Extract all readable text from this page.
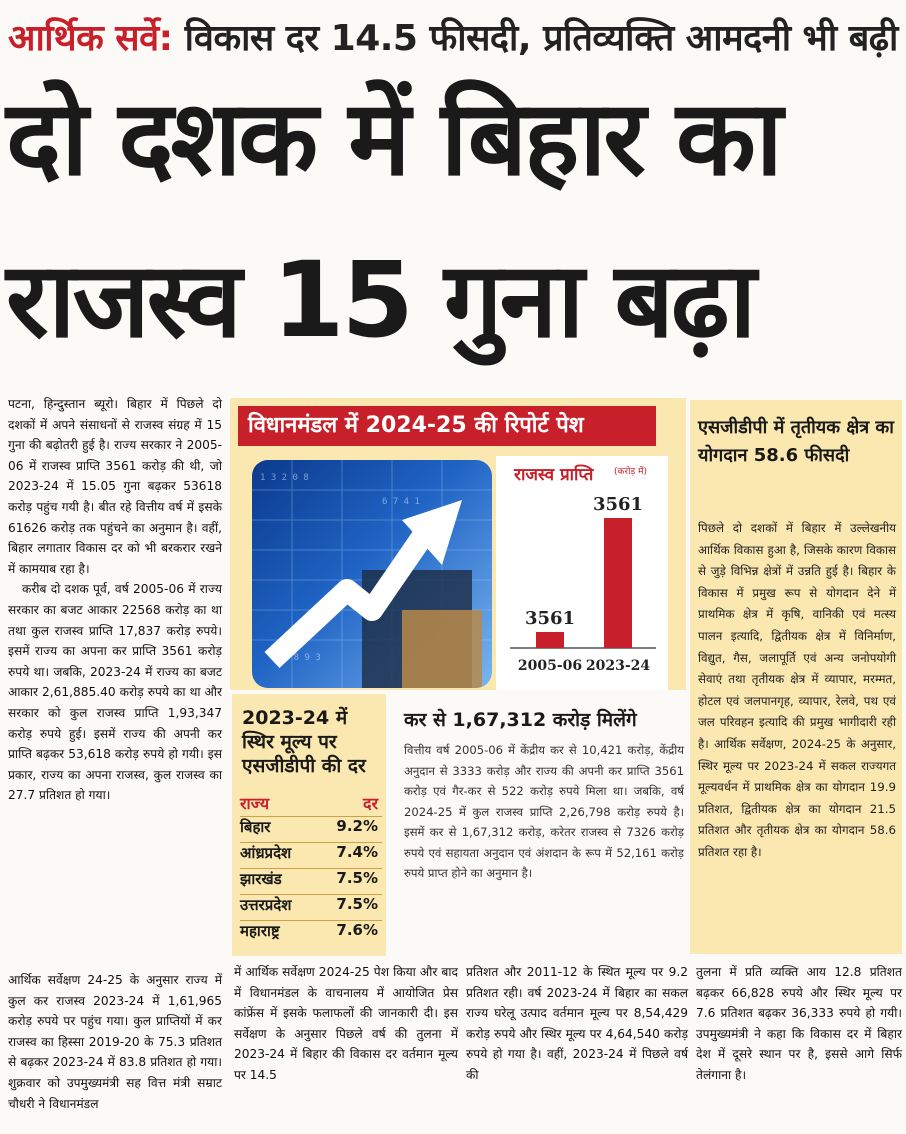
आर्थिक सर्वे: विकास दर 14.5 फीसदी, प्रतिव्यक्ति आमदनी भी बढ़ी
दो दशक में बिहार का
राजस्व 15 गुना बढ़ा

पटना, हिन्दुस्तान ब्यूरो। बिहार में पिछले दो दशकों में अपने संसाधनों से राजस्व संग्रह में 15 गुना की बढ़ोतरी हुई है। राज्य सरकार ने 2005-06 में राजस्व प्राप्ति 3561 करोड़ की थी, जो 2023-24 में 15.05 गुना बढ़कर 53618 करोड़ पहुंच गयी है। बीत रहे वित्तीय वर्ष में इसके 61626 करोड़ तक पहुंचने का अनुमान है। वहीं, बिहार लगातार विकास दर को भी बरकरार रखने में कामयाब रहा है।

करीब दो दशक पूर्व, वर्ष 2005-06 में राज्य सरकार का बजट आकार 22568 करोड़ का था तथा कुल राजस्व प्राप्ति 17,837 करोड़ रुपये। इसमें राज्य का अपना कर प्राप्ति 3561 करोड़ रुपये था। जबकि, 2023-24 में राज्य का बजट आकार 2,61,885.40 करोड़ रुपये का था और सरकार को कुल राजस्व प्राप्ति 1,93,347 करोड़ रुपये हुई। इसमें राज्य की अपनी कर प्राप्ति बढ़कर 53,618 करोड़ रुपये हो गयी। इस प्रकार, राज्य का अपना राजस्व, कुल राजस्व का 27.7 प्रतिशत हो गया।

आर्थिक सर्वेक्षण 24-25 के अनुसार राज्य में कुल कर राजस्व 2023-24 में 1,61,965 करोड़ रुपये पर पहुंच गया। कुल प्राप्तियों में कर राजस्व का हिस्सा 2019-20 के 75.3 प्रतिशत से बढ़कर 2023-24 में 83.8 प्रतिशत हो गया। शुक्रवार को उपमुख्यमंत्री सह वित्त मंत्री सम्राट चौधरी ने विधानमंडल

विधानमंडल में 2024-25 की रिपोर्ट पेश
1 3 2 0 8
6 7 4 1
2 5 8 9 3
राजस्व प्राप्ति (करोड़ में)
3561
2005-06
3561
2023-24
2023-24 में स्थिर मूल्य पर एसजीडीपी की दर
राज्य	दर
बिहार	9.2%
आंध्रप्रदेश	7.4%
झारखंड	7.5%
उत्तरप्रदेश	7.5%
महाराष्ट्र	7.6%
कर से 1,67,312 करोड़ मिलेंगे
वित्तीय वर्ष 2005-06 में केंद्रीय कर से 10,421 करोड़, केंद्रीय अनुदान से 3333 करोड़ और राज्य की अपनी कर प्राप्ति 3561 करोड़ एवं गैर-कर से 522 करोड़ रुपये मिला था। जबकि, वर्ष 2024-25 में कुल राजस्व प्राप्ति 2,26,798 करोड़ रुपये है। इसमें कर से 1,67,312 करोड़, करेतर राजस्व से 7326 करोड़ रुपये एवं सहायता अनुदान एवं अंशदान के रूप में 52,161 करोड़ रुपये प्राप्त होने का अनुमान है।
एसजीडीपी में तृतीयक क्षेत्र का योगदान 58.6 फीसदी
पिछले दो दशकों में बिहार में उल्लेखनीय आर्थिक विकास हुआ है, जिसके कारण विकास से जुड़े विभिन्न क्षेत्रों में उन्नति हुई है। बिहार के विकास में प्रमुख रूप से योगदान देने में प्राथमिक क्षेत्र में कृषि, वानिकी एवं मत्स्य पालन इत्यादि, द्वितीयक क्षेत्र में विनिर्माण, विद्युत, गैस, जलापूर्ति एवं अन्य जनोपयोगी सेवाएं तथा तृतीयक क्षेत्र में व्यापार, मरम्मत, होटल एवं जलपानगृह, व्यापार, रेलवे, पथ एवं जल परिवहन इत्यादि की प्रमुख भागीदारी रही है। आर्थिक सर्वेक्षण, 2024-25 के अनुसार, स्थिर मूल्य पर 2023-24 में सकल राज्यगत मूल्यवर्धन में प्राथमिक क्षेत्र का योगदान 19.9 प्रतिशत, द्वितीयक क्षेत्र का योगदान 21.5 प्रतिशत और तृतीयक क्षेत्र का योगदान 58.6 प्रतिशत रहा है।

में आर्थिक सर्वेक्षण 2024-25 पेश किया और बाद में विधानमंडल के वाचनालय में आयोजित प्रेस कांफ्रेंस में इसके फलाफलों की जानकारी दी। इस सर्वेक्षण के अनुसार पिछले वर्ष की तुलना में 2023-24 में बिहार की विकास दर वर्तमान मूल्य पर 14.5

प्रतिशत और 2011-12 के स्थित मूल्य पर 9.2 प्रतिशत रही। वर्ष 2023-24 में बिहार का सकल राज्य घरेलू उत्पाद वर्तमान मूल्य पर 8,54,429 करोड़ रुपये और स्थिर मूल्य पर 4,64,540 करोड़ रुपये हो गया है। वहीं, 2023-24 में पिछले वर्ष की

तुलना में प्रति व्यक्ति आय 12.8 प्रतिशत बढ़कर 66,828 रुपये और स्थिर मूल्य पर 7.6 प्रतिशत बढ़कर 36,333 रुपये हो गयी। उपमुख्यमंत्री ने कहा कि विकास दर में बिहार देश में दूसरे स्थान पर है, इससे आगे सिर्फ तेलंगाना है।
